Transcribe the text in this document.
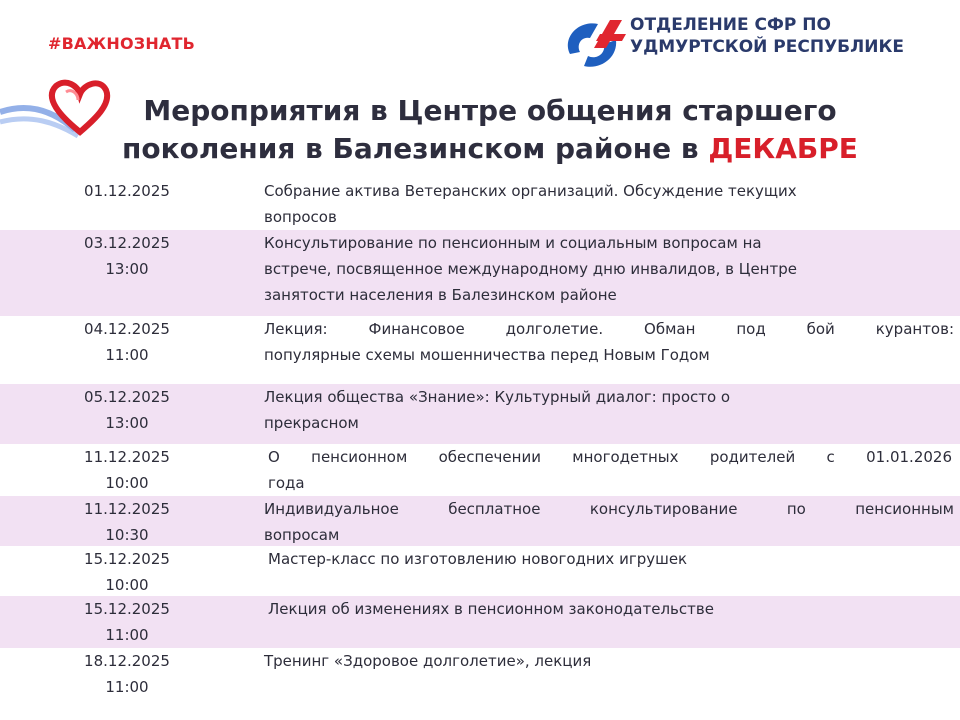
#ВАЖНОЗНАТЬ
ОТДЕЛЕНИЕ СФР ПО
УДМУРТСКОЙ РЕСПУБЛИКЕ
Мероприятия в Центре общения старшего
поколения в Балезинском районе в ДЕКАБРЕ
01.12.2025	Собрание актива Ветеранских организаций. Обсуждение текущих
вопросов
03.12.2025
13:00
Консультирование по пенсионным и социальным вопросам на
встрече, посвященное международному дню инвалидов, в Центре
занятости населения в Балезинском районе
04.12.2025
11:00
Лекция: Финансовое долголетие. Обман под бой курантов:
популярные схемы мошенничества перед Новым Годом
05.12.2025
13:00
Лекция общества «Знание»: Культурный диалог: просто о
прекрасном
11.12.2025
10:00
О пенсионном обеспечении многодетных родителей с 01.01.2026
года
11.12.2025
10:30
Индивидуальное бесплатное консультирование по пенсионным
вопросам
15.12.2025
10:00
Мастер-класс по изготовлению новогодних игрушек
15.12.2025
11:00
Лекция об изменениях в пенсионном законодательстве
18.12.2025
11:00
Тренинг «Здоровое долголетие», лекция
